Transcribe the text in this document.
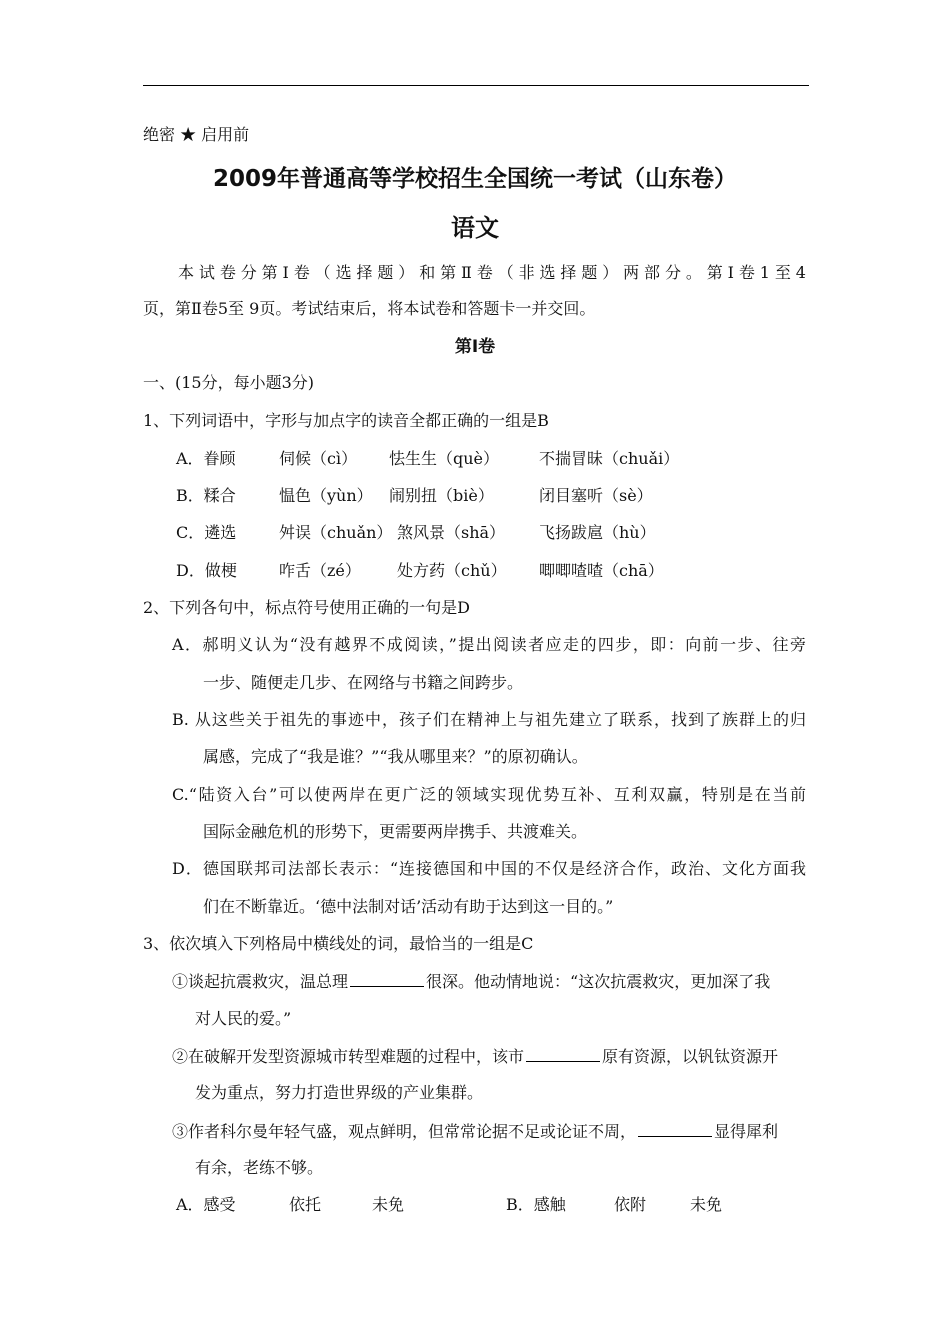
绝密 ★ 启用前
2009年普通高等学校招生全国统一考试（山东卷）
语文
本试卷分第Ⅰ卷（选择题）和第Ⅱ卷（非选择题）两部分。第Ⅰ卷1至4
页，第Ⅱ卷5至 9页。考试结束后，将本试卷和答题卡一并交回。
第Ⅰ卷
一、(15分，每小题3分)
1、下列词语中，字形与加点字的读音全都正确的一组是B
A．眷顾	伺候（cì） 怯生生（què） 不揣冒昧（chuǎi）
B．糅合	愠色（yùn） 闹别扭（biè）	闭目塞听（sè）
C．遴选	舛误（chuǎn） 煞风景（shā） 飞扬跋扈（hù）
D．做梗	咋舌（zé） 处方药（chǔ） 唧唧喳喳（chā）
2、下列各句中，标点符号使用正确的一句是D
A．郝明义认为“没有越界不成阅读，”提出阅读者应走的四步，即：向前一步、往旁
一步、随便走几步、在网络与书籍之间跨步。
B. 从这些关于祖先的事迹中，孩子们在精神上与祖先建立了联系，找到了族群上的归
属感，完成了“我是谁？”“我从哪里来？”的原初确认。
C.“陆资入台”可以使两岸在更广泛的领域实现优势互补、互利双赢，特别是在当前
国际金融危机的形势下，更需要两岸携手、共渡难关。
D．德国联邦司法部长表示：“连接德国和中国的不仅是经济合作，政治、文化方面我
们在不断靠近。‘德中法制对话’活动有助于达到这一目的。”
3、依次填入下列格局中横线处的词，最恰当的一组是C
①谈起抗震救灾，温总理	很深。他动情地说：“这次抗震救灾，更加深了我
对人民的爱。”
②在破解开发型资源城市转型难题的过程中，该市	原有资源，以钒钛资源开
发为重点，努力打造世界级的产业集群。
③作者科尔曼年轻气盛，观点鲜明，但常常论据不足或论证不周，	显得犀利
有余，老练不够。
A．感受	依托	未免	B．感触	依附	未免
